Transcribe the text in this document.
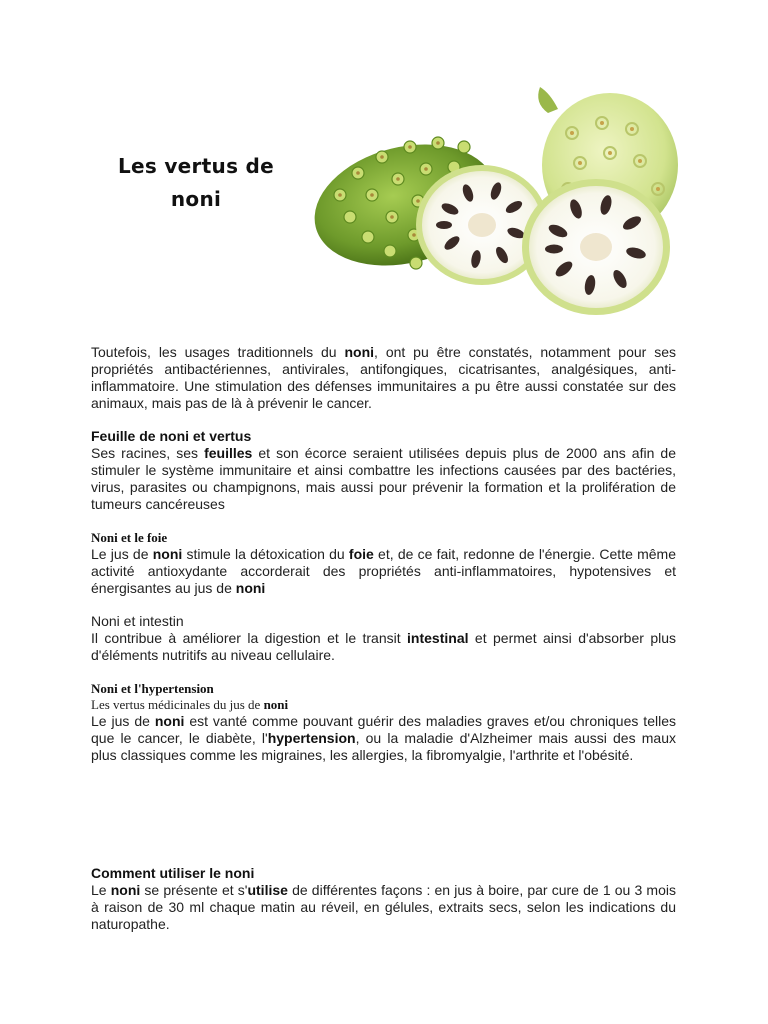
Les vertus de
noni

Toutefois, les usages traditionnels du noni, ont pu être constatés, notamment pour ses propriétés antibactériennes, antivirales, antifongiques, cicatrisantes, analgésiques, anti-inflammatoire. Une stimulation des défenses immunitaires a pu être aussi constatée sur des animaux, mais pas de là à prévenir le cancer.

Feuille de noni et vertus

Ses racines, ses feuilles et son écorce seraient utilisées depuis plus de 2000 ans afin de stimuler le système immunitaire et ainsi combattre les infections causées par des bactéries, virus, parasites ou champignons, mais aussi pour prévenir la formation et la prolifération de tumeurs cancéreuses

Noni et le foie

Le jus de noni stimule la détoxication du foie et, de ce fait, redonne de l'énergie. Cette même activité antioxydante accorderait des propriétés anti-inflammatoires, hypotensives et énergisantes au jus de noni

Noni et intestin

Il contribue à améliorer la digestion et le transit intestinal et permet ainsi d'absorber plus d'éléments nutritifs au niveau cellulaire.

Noni et l'hypertension
Les vertus médicinales du jus de noni

Le jus de noni est vanté comme pouvant guérir des maladies graves et/ou chroniques telles que le cancer, le diabète, l'hypertension, ou la maladie d'Alzheimer mais aussi des maux plus classiques comme les migraines, les allergies, la fibromyalgie, l'arthrite et l'obésité.

Comment utiliser le noni

Le noni se présente et s'utilise de différentes façons : en jus à boire, par cure de 1 ou 3 mois à raison de 30 ml chaque matin au réveil, en gélules, extraits secs, selon les indications du naturopathe.
